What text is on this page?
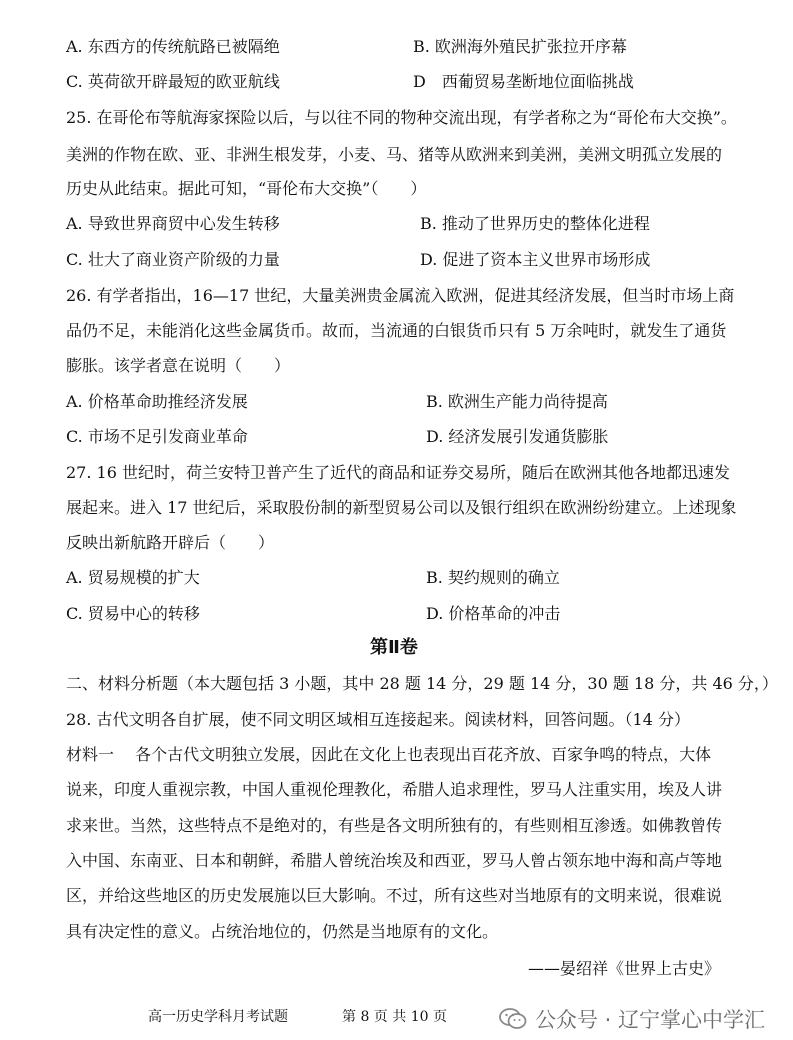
A. 东西方的传统航路已被隔绝	B. 欧洲海外殖民扩张拉开序幕
C. 英荷欲开辟最短的欧亚航线	D　西葡贸易垄断地位面临挑战
25. 在哥伦布等航海家探险以后，与以往不同的物种交流出现，有学者称之为“哥伦布大交换”。
美洲的作物在欧、亚、非洲生根发芽，小麦、马、猪等从欧洲来到美洲，美洲文明孤立发展的
历史从此结束。据此可知，“哥伦布大交换”（　　）
A. 导致世界商贸中心发生转移	B. 推动了世界历史的整体化进程
C. 壮大了商业资产阶级的力量	D. 促进了资本主义世界市场形成
26. 有学者指出，16—17 世纪，大量美洲贵金属流入欧洲，促进其经济发展，但当时市场上商
品仍不足，未能消化这些金属货币。故而，当流通的白银货币只有 5 万余吨时，就发生了通货
膨胀。该学者意在说明（　　）
A. 价格革命助推经济发展	B. 欧洲生产能力尚待提高
C. 市场不足引发商业革命	D. 经济发展引发通货膨胀
27. 16 世纪时，荷兰安特卫普产生了近代的商品和证券交易所，随后在欧洲其他各地都迅速发
展起来。进入 17 世纪后，采取股份制的新型贸易公司以及银行组织在欧洲纷纷建立。上述现象
反映出新航路开辟后（　　）
A. 贸易规模的扩大	B. 契约规则的确立
C. 贸易中心的转移	D. 价格革命的冲击
第Ⅱ卷
二、材料分析题（本大题包括 3 小题，其中 28 题 14 分，29 题 14 分，30 题 18 分，共 46 分，）
28. 古代文明各自扩展，使不同文明区域相互连接起来。阅读材料，回答问题。（14 分）
材料一　 各个古代文明独立发展，因此在文化上也表现出百花齐放、百家争鸣的特点，大体
说来，印度人重视宗教，中国人重视伦理教化，希腊人追求理性，罗马人注重实用，埃及人讲
求来世。当然，这些特点不是绝对的，有些是各文明所独有的，有些则相互渗透。如佛教曾传
入中国、东南亚、日本和朝鲜，希腊人曾统治埃及和西亚，罗马人曾占领东地中海和高卢等地
区，并给这些地区的历史发展施以巨大影响。不过，所有这些对当地原有的文明来说，很难说
具有决定性的意义。占统治地位的，仍然是当地原有的文化。
——晏绍祥《世界上古史》
高一历史学科月考试题	第 8 页 共 10 页	公众号 · 辽宁掌心中学汇
